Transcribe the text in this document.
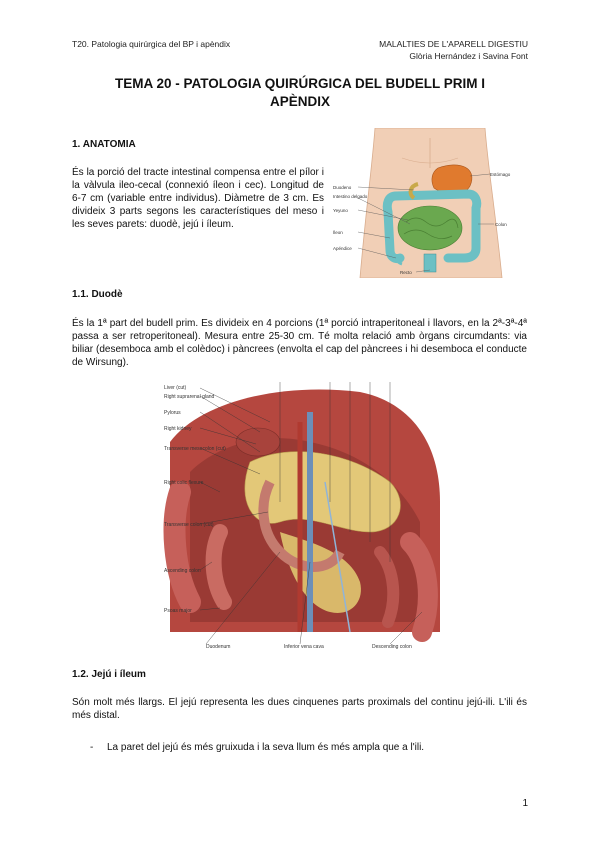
T20. Patologia quirúrgica del BP i apèndix	MALALTIES DE L'APARELL DIGESTIU
Glòria Hernández i Savina Font
TEMA 20 - PATOLOGIA QUIRÚRGICA DEL BUDELL PRIM I
APÈNDIX
1. ANATOMIA
És la porció del tracte intestinal compensa entre el pílor i la vàlvula ileo-cecal (connexió íleon i cec). Longitud de 6-7 cm (variable entre individus). Diàmetre de 3 cm. Es divideix 3 parts segons les característiques del meso i les seves parets: duodè, jejú i íleum.
Duodeno
Intestino delgado
Yeyuno
Íleon
Apéndice
Estómago
Colon
Recto
1.1. Duodè
És la 1ª part del budell prim. Es divideix en 4 porcions (1ª porció intraperitoneal i llavors, en la 2ª-3ª-4ª passa a ser retroperitoneal). Mesura entre 25-30 cm. Té molta relació amb òrgans circumdants: via biliar (desemboca amb el colèdoc) i pàncrees (envolta el cap del pàncrees i hi desemboca el conducte de Wirsung).
Liver (cut)
Right suprarenal gland
Pylorus
Right kidney
Transverse mesocolon (cut)
Right colic flexure
Transverse colon (cut)
Ascending colon
Psoas major
Duodenum	Inferior vena cava	Descending colon
1.2. Jejú i íleum
Són molt més llargs. El jejú representa les dues cinquenes parts proximals del continu jejú-ili. L'ili és més distal.
- La paret del jejú és més gruixuda i la seva llum és més ampla que a l'ili.
1
